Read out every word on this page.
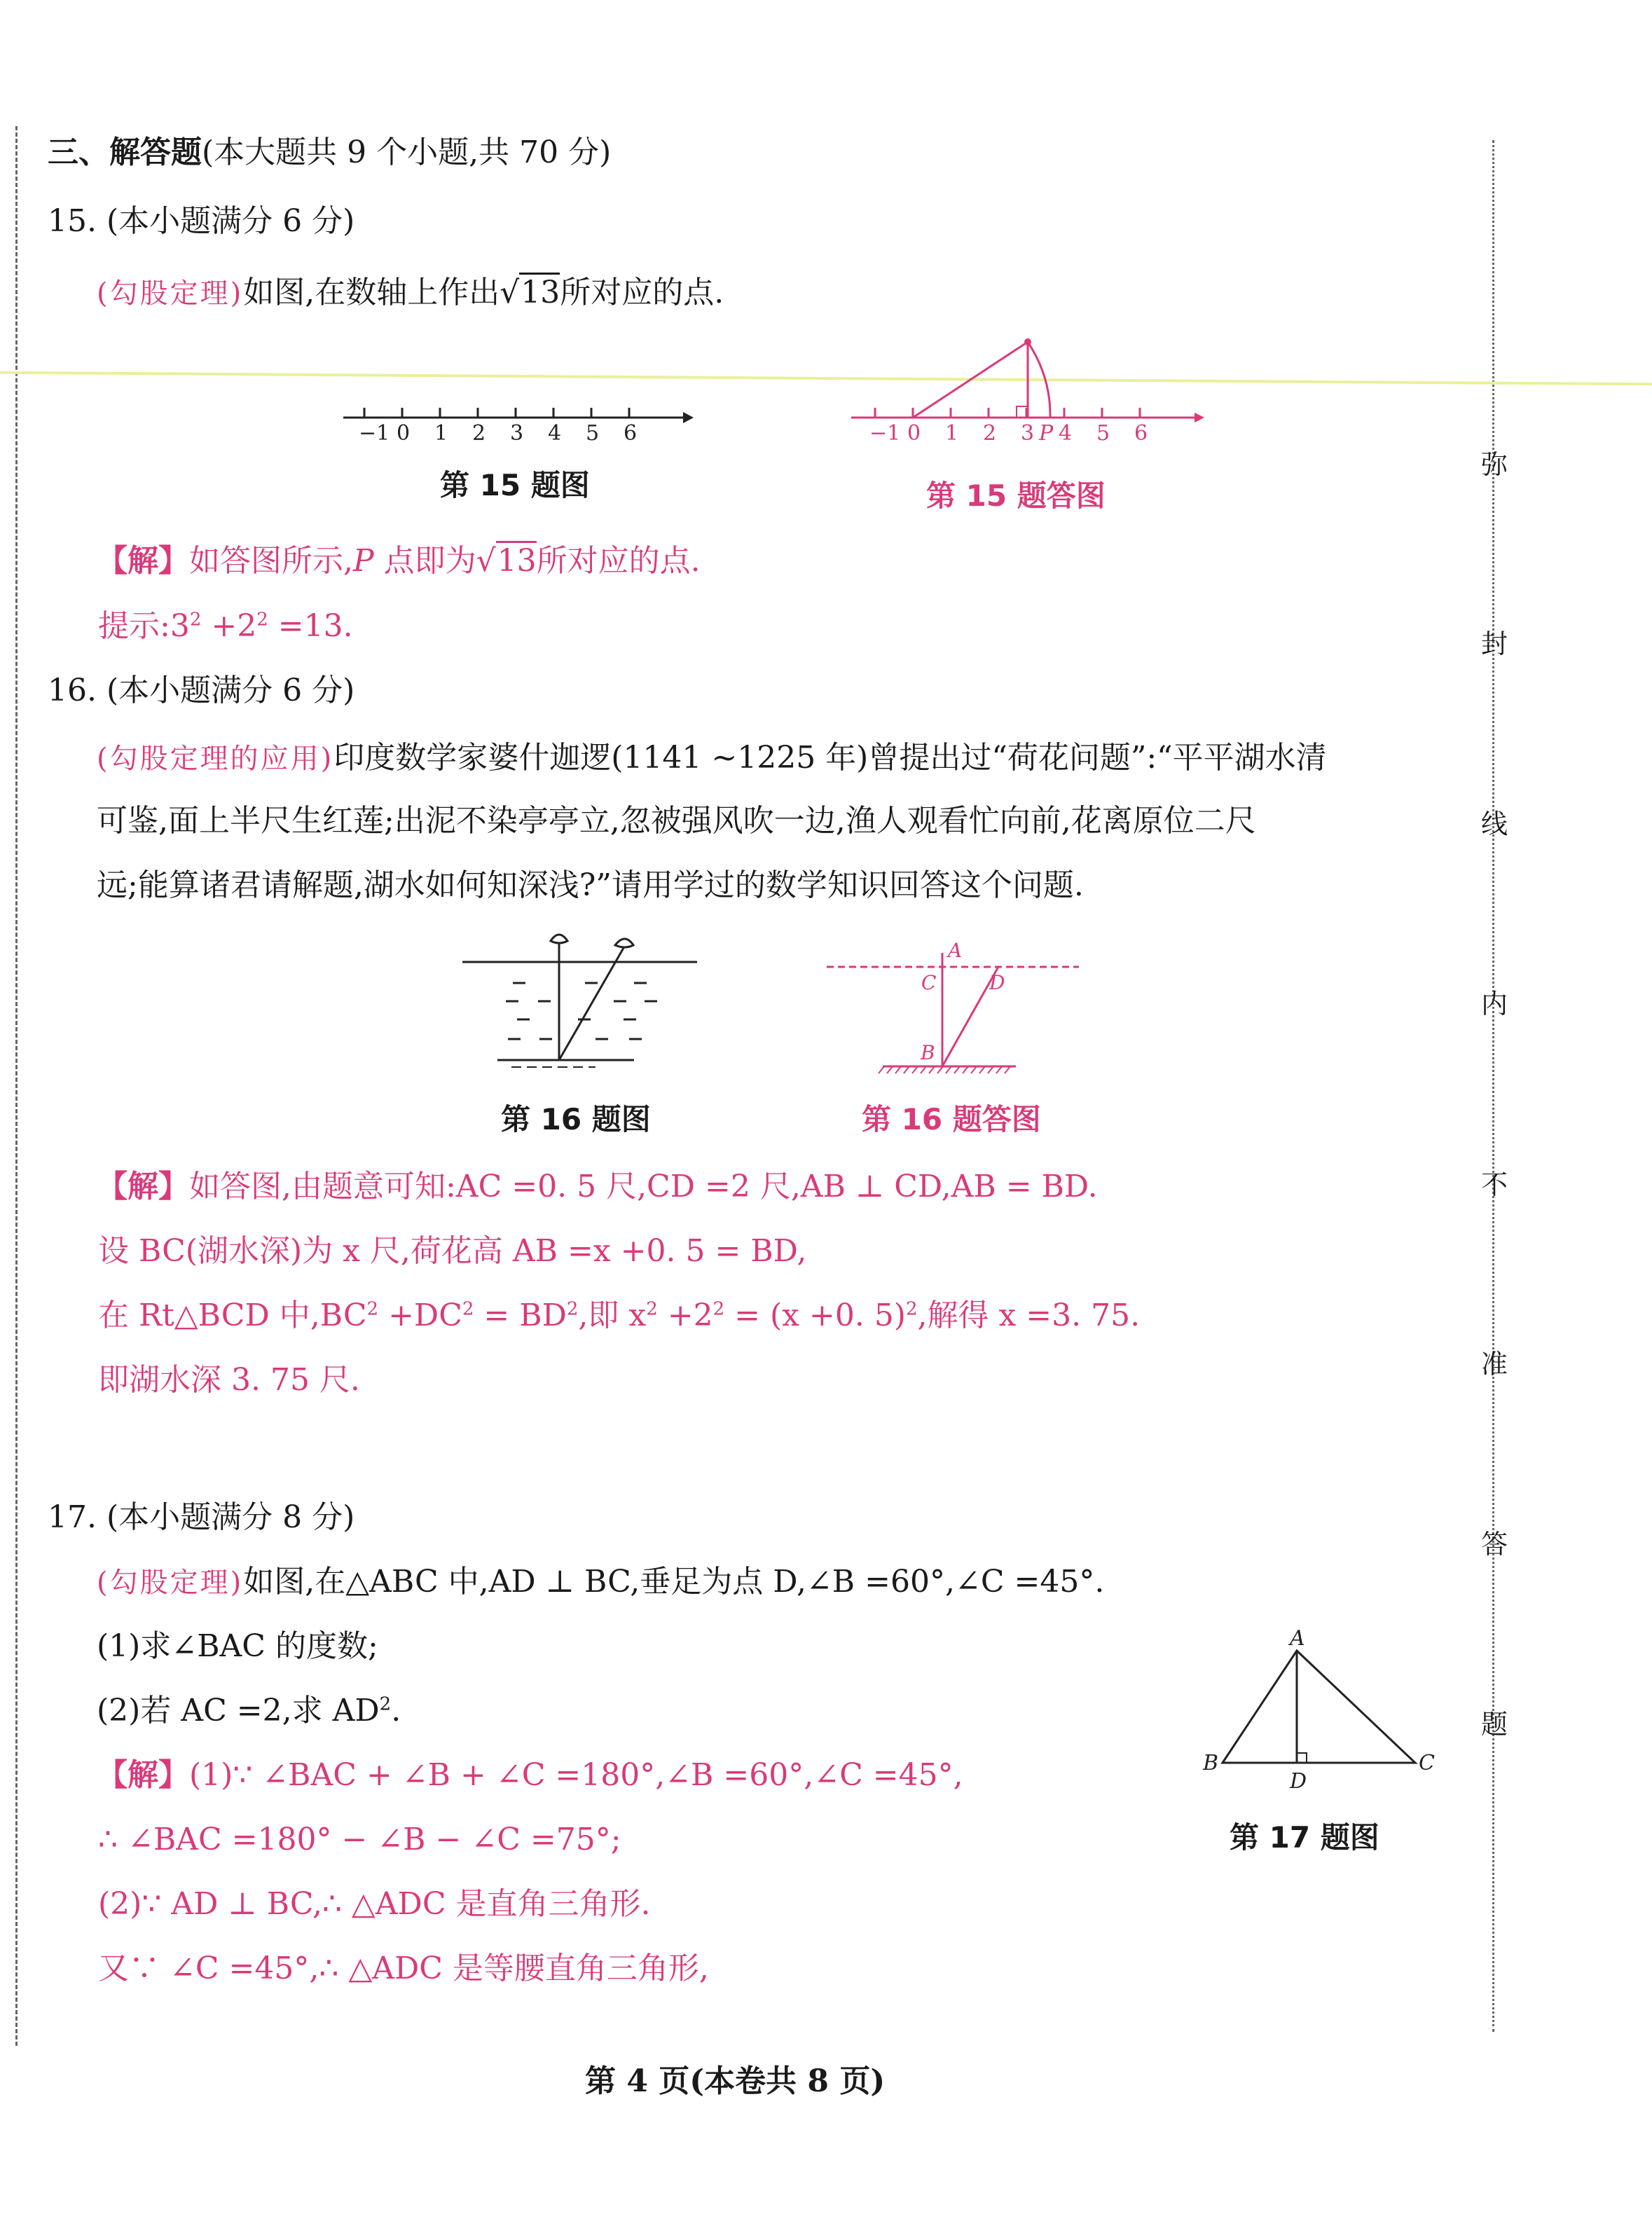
弥
封
线
内
不
准
答
题
三、解答题(本大题共 9 个小题,共 70 分)
15. (本小题满分 6 分)
(勾股定理)如图,在数轴上作出√13所对应的点.
−1 0 1 2 3 4 5 6
第 15 题图
−1 0 1 2 3 4 5 6
P
第 15 题答图
【解】如答图所示,P 点即为√13所对应的点.
提示$:3^2 +2^2 =13$.
16. (本小题满分 6 分)
(勾股定理的应用)印度数学家婆什迦逻(1141 ~1225 年)曾提出过“荷花问题”:“平平湖水清
可鉴,面上半尺生红莲;出泥不染亭亭立,忽被强风吹一边,渔人观看忙向前,花离原位二尺
远;能算诸君请解题,湖水如何知深浅?”请用学过的数学知识回答这个问题.
第 16 题图
A
C	D
B
第 16 题答图
【解】如答图,由题意可知:AC =0. 5 尺,CD =2 尺,AB ⊥ CD,AB = BD.
设 BC(湖水深)为 x 尺,荷花高 AB =x +0. 5 = BD,
在 Rt△BCD 中$,BC^2 +DC^2 = BD^2$,即 $x^2 +2^2 = (x +0$. 5)$^2$,解得 x =3. 75.
即湖水深 3. 75 尺.
17. (本小题满分 8 分)
(勾股定理)如图,在△ABC 中,AD ⊥ BC,垂足为点 D,∠B =60°,∠C =45°.
(1)求∠BAC 的度数;
(2)若 AC =2,求 $AD^2$.
【解】(1)∵ ∠BAC + ∠B + ∠C =180°,∠B =60°,∠C =45°,
∴ ∠BAC =180° − ∠B − ∠C =75°;
(2)∵ AD ⊥ BC,∴ △ADC 是直角三角形.
又∵ ∠C =45°,∴ △ADC 是等腰直角三角形,
A
B	C
D
第 17 题图
第 4 页(本卷共 8 页)
